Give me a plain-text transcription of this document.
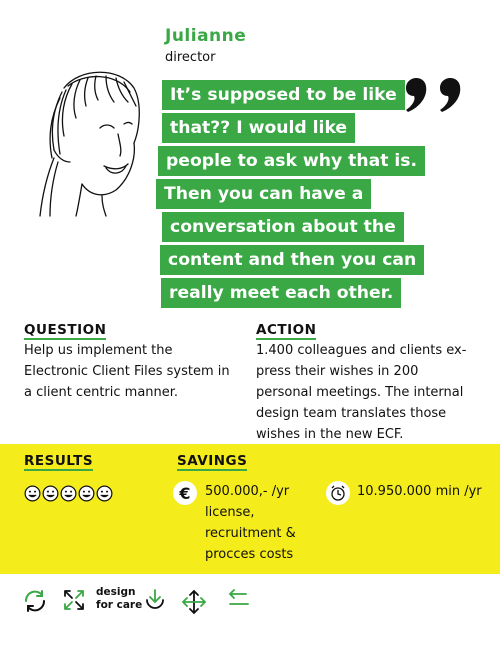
Julianne
director
It’s supposed to be like
that?? I would like
people to ask why that is.
Then you can have a
conversation about the
content and then you can
really meet each other.
QUESTION
Help us implement the Electronic Client Files system in a client centric manner.
ACTION
1.400 colleagues and clients ex-press their wishes in 200 personal meetings. The internal design team translates those wishes in the new ECF.
RESULTS	SAVINGS
€	500.000,- /yr license, recruitment & procces costs
10.950.000 min /yr
design
for care
